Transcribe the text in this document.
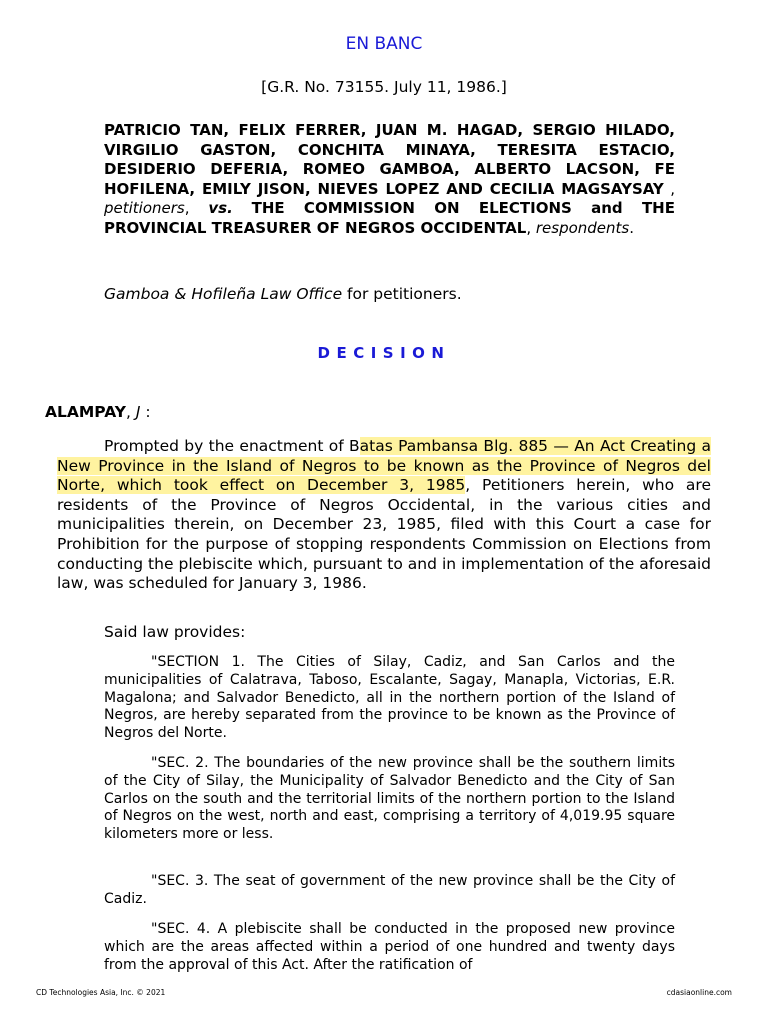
EN BANC
[G.R. No. 73155. July 11, 1986.]
PATRICIO TAN, FELIX FERRER, JUAN M. HAGAD, SERGIO HILADO, VIRGILIO GASTON, CONCHITA MINAYA, TERESITA ESTACIO, DESIDERIO DEFERIA, ROMEO GAMBOA, ALBERTO LACSON, FE HOFILENA, EMILY JISON, NIEVES LOPEZ AND CECILIA MAGSAYSAY , petitioners, vs. THE COMMISSION ON ELECTIONS and THE PROVINCIAL TREASURER OF NEGROS OCCIDENTAL, respondents.
Gamboa & Hofileña Law Office for petitioners.
DECISION
ALAMPAY, J :
Prompted by the enactment of Batas Pambansa Blg. 885 — An Act Creating a New Province in the Island of Negros to be known as the Province of Negros del Norte, which took effect on December 3, 1985, Petitioners herein, who are residents of the Province of Negros Occidental, in the various cities and municipalities therein, on December 23, 1985, filed with this Court a case for Prohibition for the purpose of stopping respondents Commission on Elections from conducting the plebiscite which, pursuant to and in implementation of the aforesaid law, was scheduled for January 3, 1986.
Said law provides:
"SECTION 1. The Cities of Silay, Cadiz, and San Carlos and the municipalities of Calatrava, Taboso, Escalante, Sagay, Manapla, Victorias, E.R. Magalona; and Salvador Benedicto, all in the northern portion of the Island of Negros, are hereby separated from the province to be known as the Province of Negros del Norte.
"SEC. 2. The boundaries of the new province shall be the southern limits of the City of Silay, the Municipality of Salvador Benedicto and the City of San Carlos on the south and the territorial limits of the northern portion to the Island of Negros on the west, north and east, comprising a territory of 4,019.95 square kilometers more or less.
"SEC. 3. The seat of government of the new province shall be the City of Cadiz.
"SEC. 4. A plebiscite shall be conducted in the proposed new province which are the areas affected within a period of one hundred and twenty days from the approval of this Act. After the ratification of
CD Technologies Asia, Inc. © 2021	cdasiaonline.com
